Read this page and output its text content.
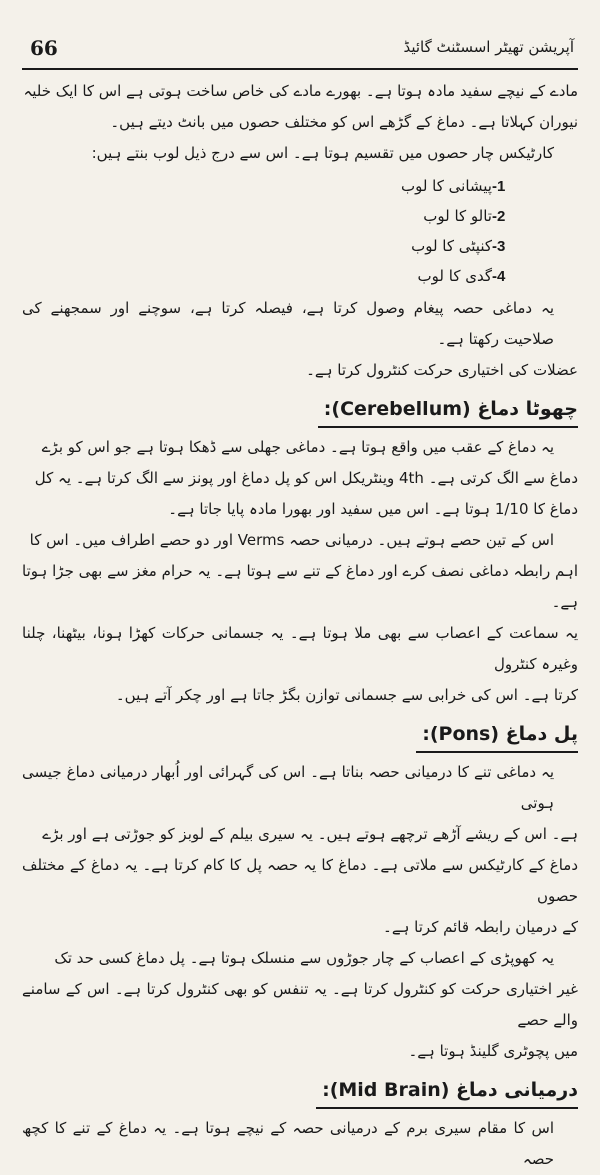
66	آپریشن تھیٹر اسسٹنٹ گائیڈ

مادے کے نیچے سفید مادہ ہوتا ہے۔ بھورے مادے کی خاص ساخت ہوتی ہے اس کا ایک خلیہ

نیوران کہلاتا ہے۔ دماغ کے گڑھے اس کو مختلف حصوں میں بانٹ دیتے ہیں۔

کارٹیکس چار حصوں میں تقسیم ہوتا ہے۔ اس سے درج ذیل لوب بنتے ہیں:

-1
پیشانی کا لوب
-2
تالو کا لوب
-3
کنپٹی کا لوب
-4
گدی کا لوب

یہ دماغی حصہ پیغام وصول کرتا ہے، فیصلہ کرتا ہے، سوچنے اور سمجھنے کی صلاحیت رکھتا ہے۔

عضلات کی اختیاری حرکت کنٹرول کرتا ہے۔

چھوٹا دماغ (Cerebellum):

یہ دماغ کے عقب میں واقع ہوتا ہے۔ دماغی جھلی سے ڈھکا ہوتا ہے جو اس کو بڑے

دماغ سے الگ کرتی ہے۔ 4th وینٹریکل اس کو پل دماغ اور پونز سے الگ کرتا ہے۔ یہ کل

دماغ کا 1/10 ہوتا ہے۔ اس میں سفید اور بھورا مادہ پایا جاتا ہے۔

اس کے تین حصے ہوتے ہیں۔ درمیانی حصہ Verms اور دو حصے اطراف میں۔ اس کا

اہم رابطہ دماغی نصف کرے اور دماغ کے تنے سے ہوتا ہے۔ یہ حرام مغز سے بھی جڑا ہوتا ہے۔

یہ سماعت کے اعصاب سے بھی ملا ہوتا ہے۔ یہ جسمانی حرکات کھڑا ہونا، بیٹھنا، چلنا وغیرہ کنٹرول

کرتا ہے۔ اس کی خرابی سے جسمانی توازن بگڑ جاتا ہے اور چکر آتے ہیں۔

پل دماغ (Pons):

یہ دماغی تنے کا درمیانی حصہ بناتا ہے۔ اس کی گہرائی اور اُبھار درمیانی دماغ جیسی ہوتی

ہے۔ اس کے ریشے آڑھے ترچھے ہوتے ہیں۔ یہ سیری بیلم کے لوبز کو جوڑتی ہے اور بڑے

دماغ کے کارٹیکس سے ملاتی ہے۔ دماغ کا یہ حصہ پل کا کام کرتا ہے۔ یہ دماغ کے مختلف حصوں

کے درمیان رابطہ قائم کرتا ہے۔

یہ کھوپڑی کے اعصاب کے چار جوڑوں سے منسلک ہوتا ہے۔ پل دماغ کسی حد تک

غیر اختیاری حرکت کو کنٹرول کرتا ہے۔ یہ تنفس کو بھی کنٹرول کرتا ہے۔ اس کے سامنے والے حصے

میں پچوٹری گلینڈ ہوتا ہے۔

درمیانی دماغ (Mid Brain):

اس کا مقام سیری برم کے درمیانی حصہ کے نیچے ہوتا ہے۔ یہ دماغ کے تنے کا کچھ حصہ
